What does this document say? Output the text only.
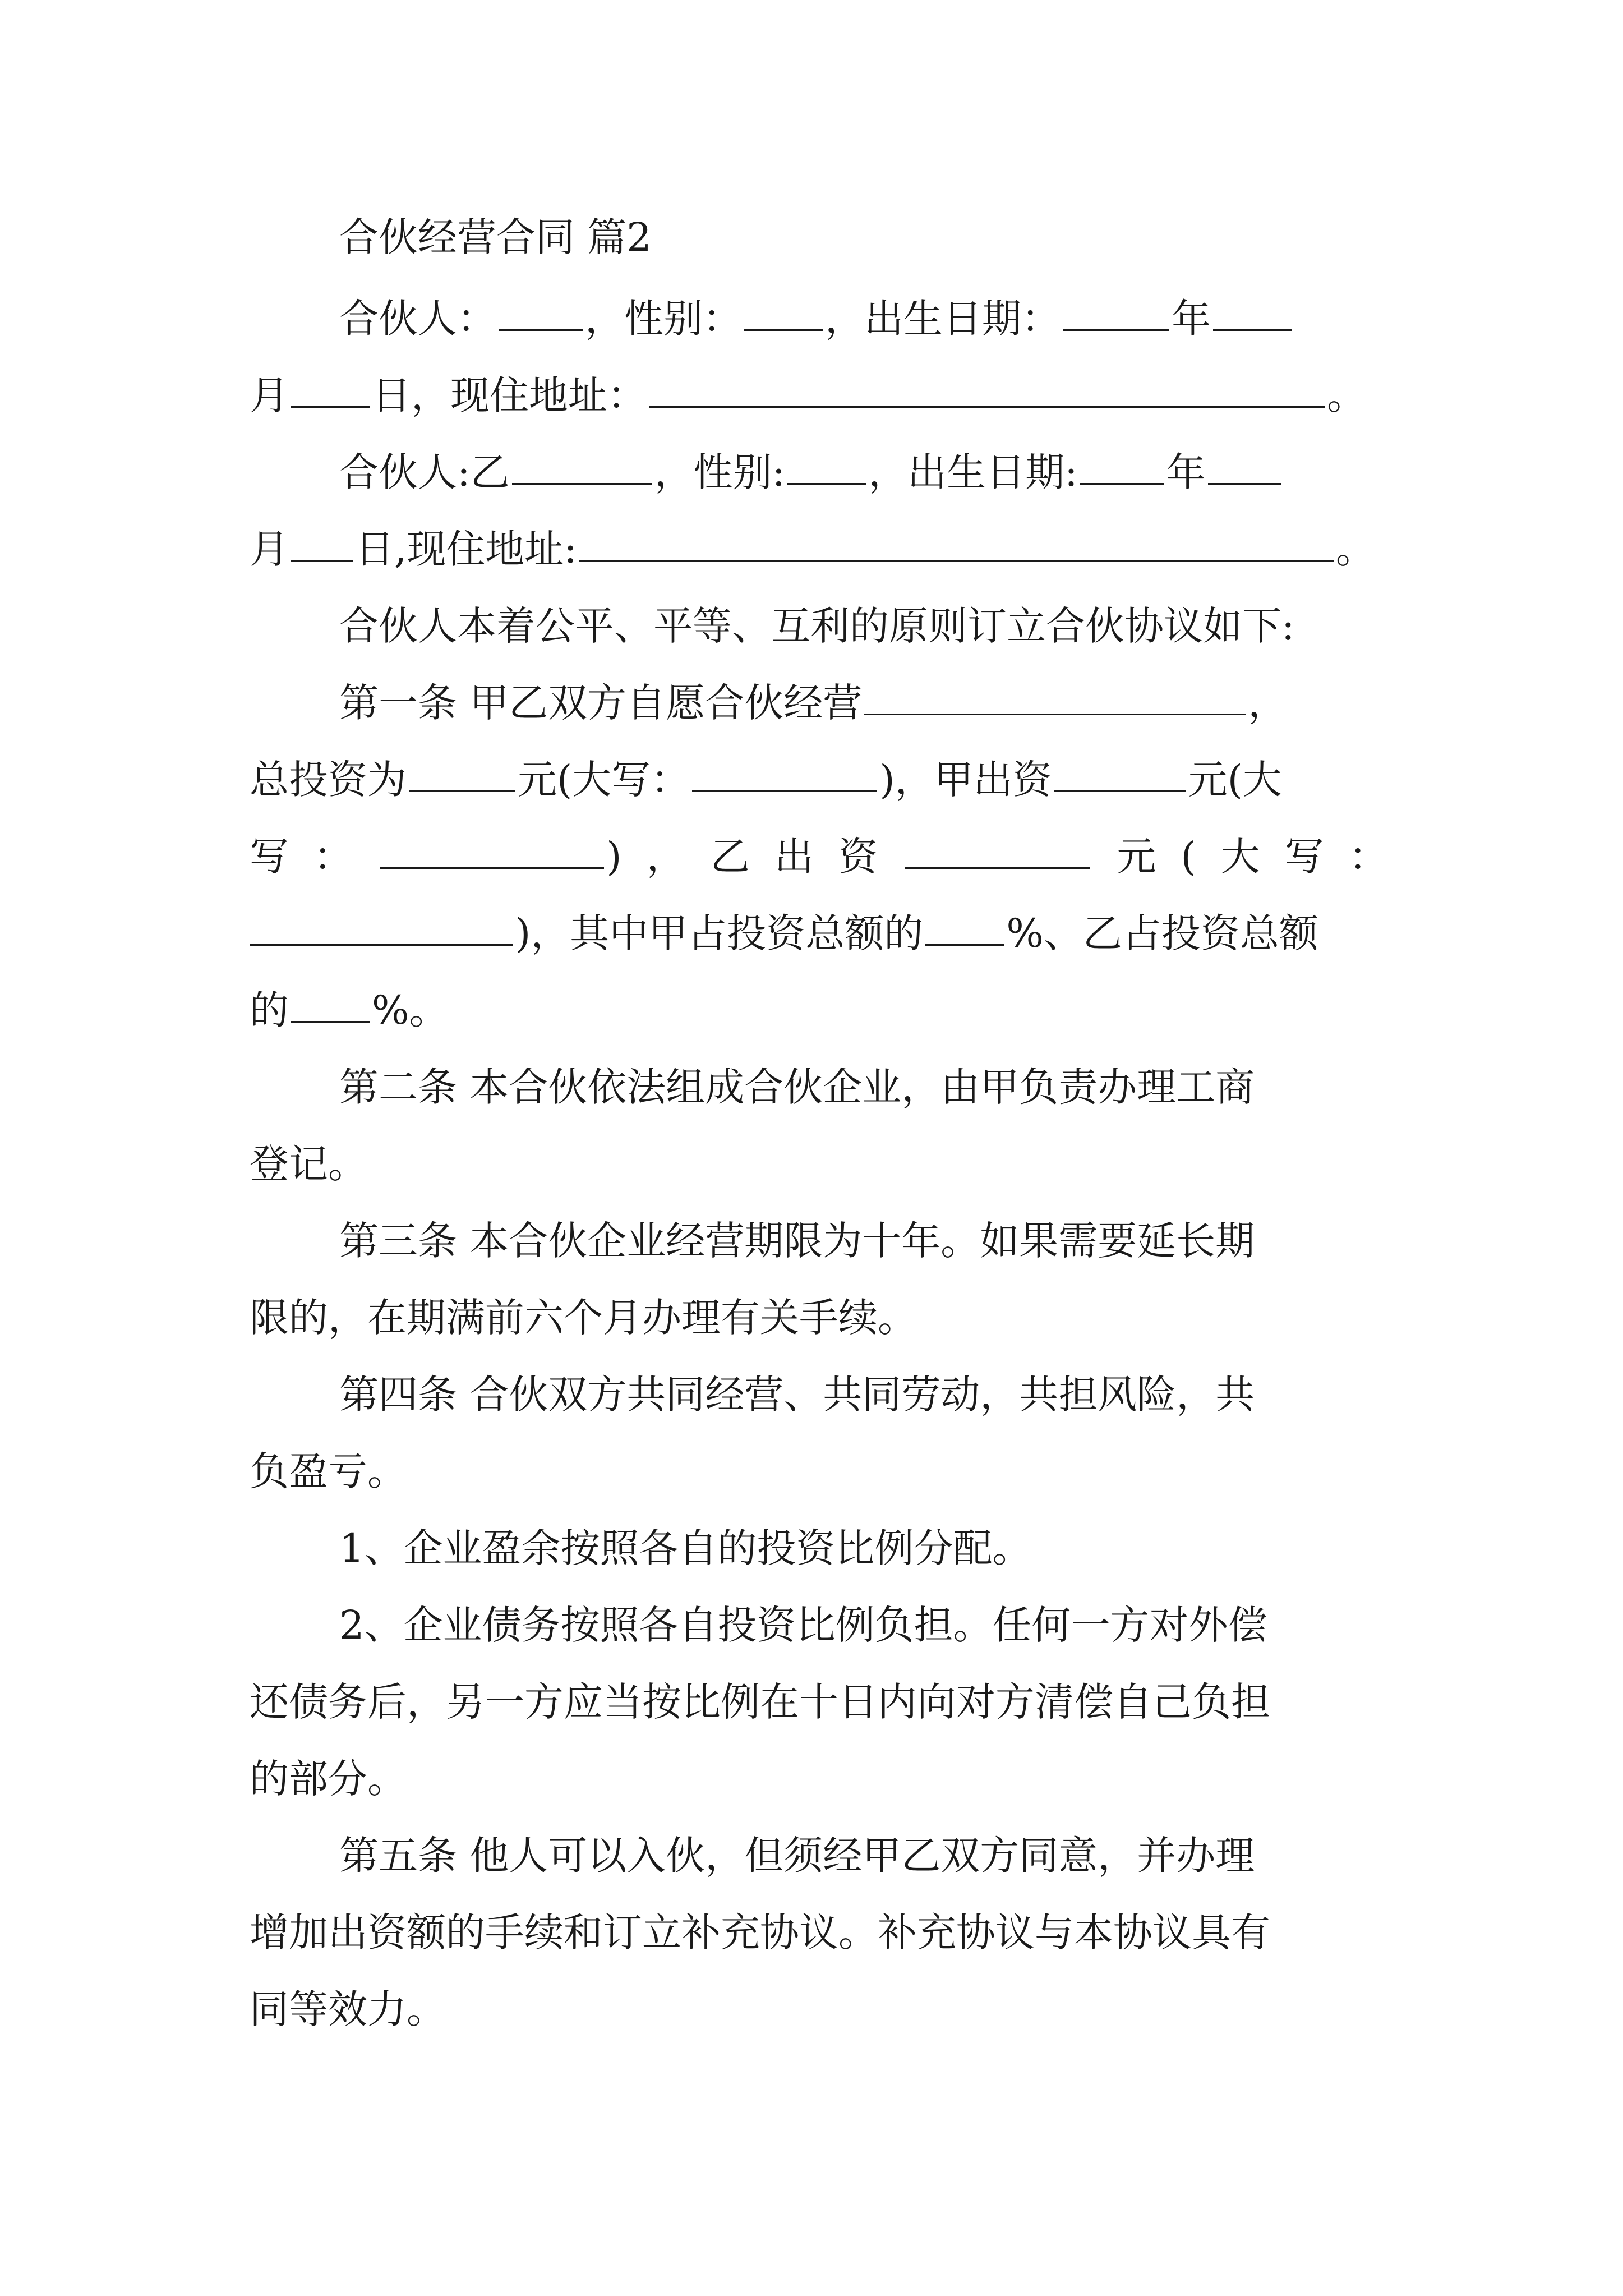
合伙经营合同 篇2
合伙人： ，性别： ，出生日期：	年
月 日，现住地址：	。
合伙人:乙	，性别: ，出生日期: 年
月 日,现住地址:	。
合伙人本着公平、平等、互利的原则订立合伙协议如下:
第一条 甲乙双方自愿合伙经营	，
总投资为	元(大写：	)，甲出资	元(大
写：	)，乙出资	元(大写：
)，其中甲占投资总额的 %、乙占投资总额
的 %。
第二条 本合伙依法组成合伙企业，由甲负责办理工商
登记。
第三条 本合伙企业经营期限为十年。如果需要延长期
限的，在期满前六个月办理有关手续。
第四条 合伙双方共同经营、共同劳动，共担风险，共
负盈亏。
1、企业盈余按照各自的投资比例分配。
2、企业债务按照各自投资比例负担。任何一方对外偿
还债务后，另一方应当按比例在十日内向对方清偿自己负担
的部分。
第五条 他人可以入伙，但须经甲乙双方同意，并办理
增加出资额的手续和订立补充协议。补充协议与本协议具有
同等效力。
